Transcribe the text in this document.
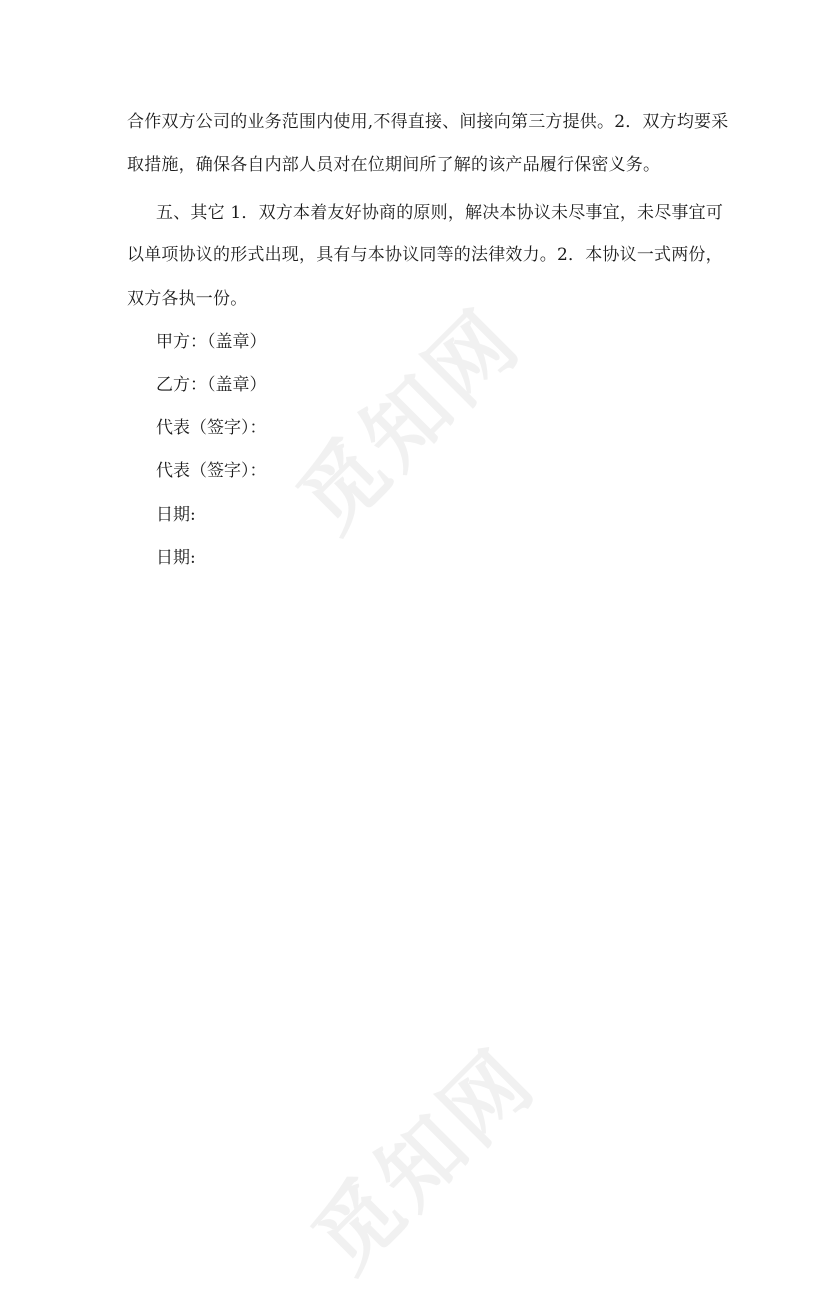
觅知网
觅知网
合作双方公司的业务范围内使用,不得直接、间接向第三方提供。2．双方均要采
取措施，确保各自内部人员对在位期间所了解的该产品履行保密义务。
五、其它 1．双方本着友好协商的原则，解决本协议未尽事宜，未尽事宜可
以单项协议的形式出现，具有与本协议同等的法律效力。2．本协议一式两份，
双方各执一份。
甲方：（盖章）
乙方：（盖章）
代表（签字）：
代表（签字）：
日期:
日期:
